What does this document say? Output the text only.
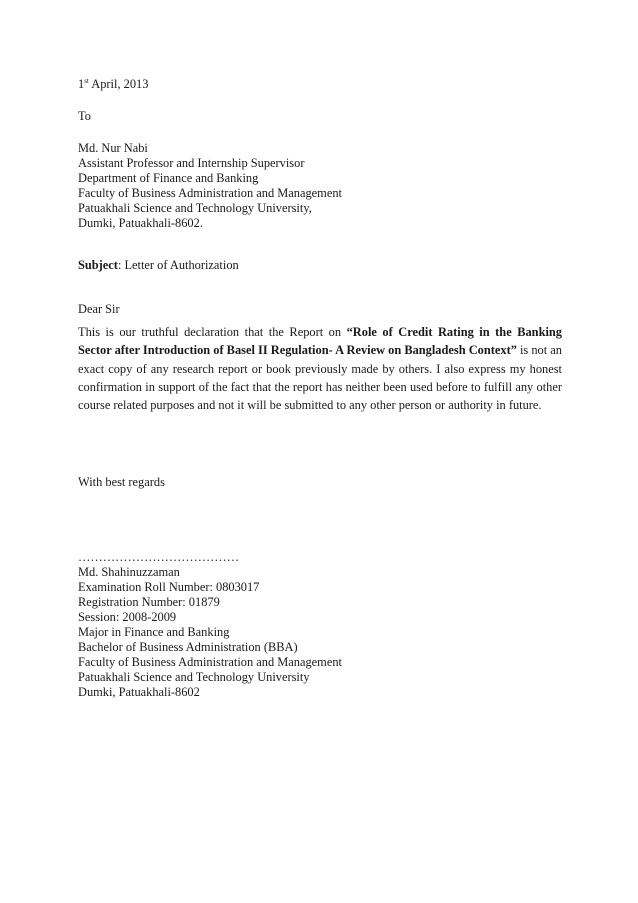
1st April, 2013
To
Md. Nur Nabi
Assistant Professor and Internship Supervisor
Department of Finance and Banking
Faculty of Business Administration and Management
Patuakhali Science and Technology University,
Dumki, Patuakhali-8602.
Subject: Letter of Authorization
Dear Sir
This is our truthful declaration that the Report on “Role of Credit Rating in the Banking Sector after Introduction of Basel II Regulation- A Review on Bangladesh Context” is not an exact copy of any research report or book previously made by others. I also express my honest confirmation in support of the fact that the report has neither been used before to fulfill any other course related purposes and not it will be submitted to any other person or authority in future.
With best regards
…………………………………
Md. Shahinuzzaman
Examination Roll Number: 0803017
Registration Number: 01879
Session: 2008-2009
Major in Finance and Banking
Bachelor of Business Administration (BBA)
Faculty of Business Administration and Management
Patuakhali Science and Technology University
Dumki, Patuakhali-8602
